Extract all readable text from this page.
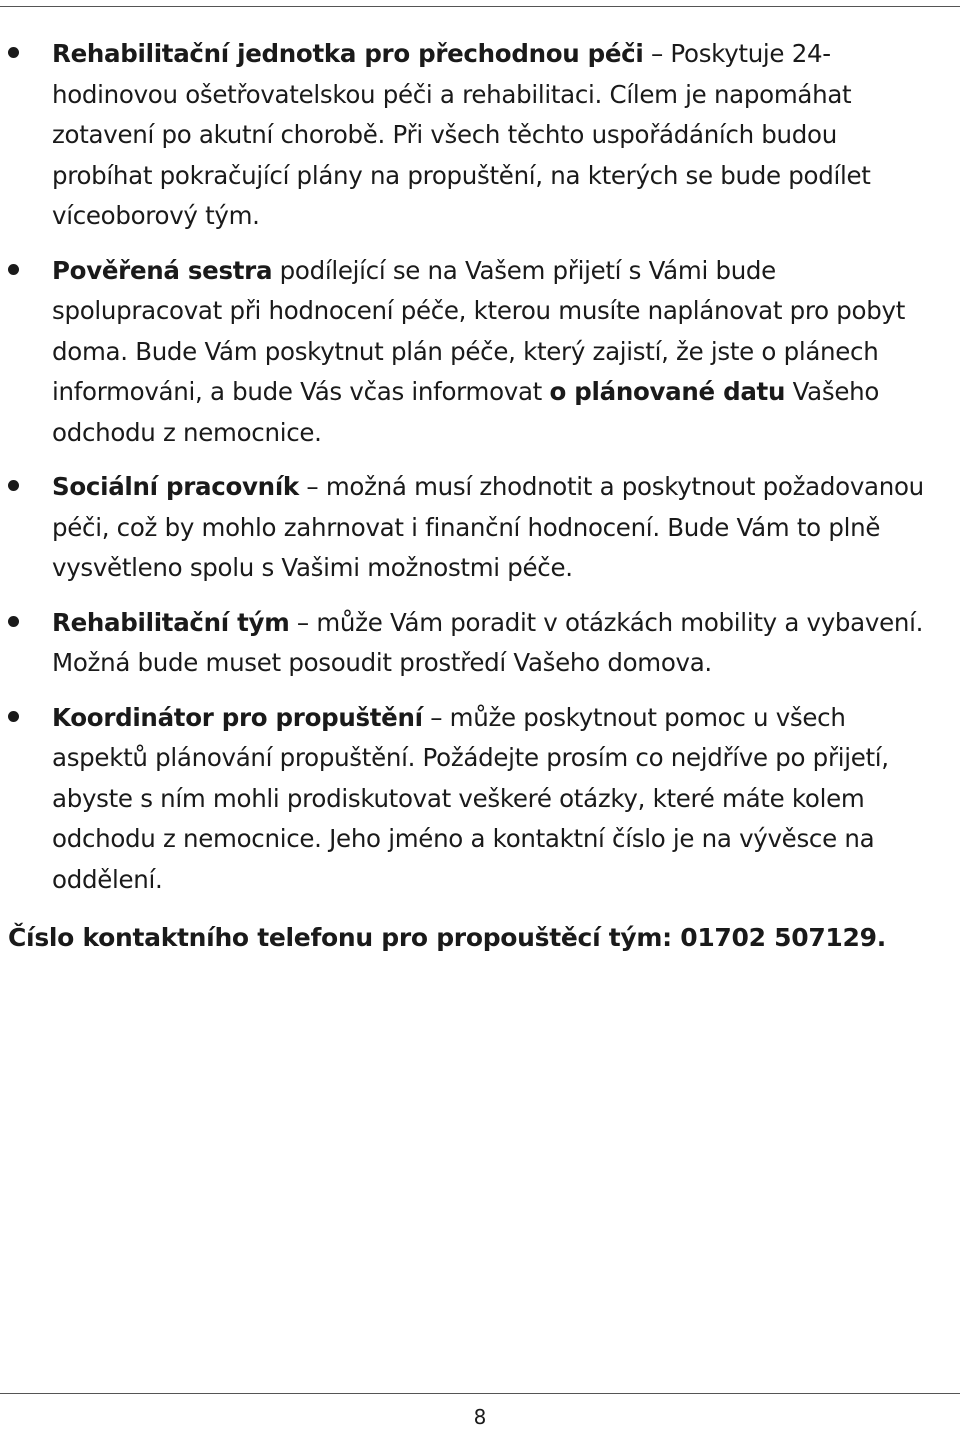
Rehabilitační jednotka pro přechodnou péči – Poskytuje 24-hodinovou ošetřovatelskou péči a rehabilitaci. Cílem je napomáhat zotavení po akutní chorobě. Při všech těchto uspořádáních budou probíhat pokračující plány na propuštění, na kterých se bude podílet víceoborový tým.
Pověřená sestra podílející se na Vašem přijetí s Vámi bude spolupracovat při hodnocení péče, kterou musíte naplánovat pro pobyt doma. Bude Vám poskytnut plán péče, který zajistí, že jste o plánech informováni, a bude Vás včas informovat o plánované datu Vašeho odchodu z nemocnice.
Sociální pracovník – možná musí zhodnotit a poskytnout požadovanou péči, což by mohlo zahrnovat i finanční hodnocení. Bude Vám to plně vysvětleno spolu s Vašimi možnostmi péče.
Rehabilitační tým – může Vám poradit v otázkách mobility a vybavení. Možná bude muset posoudit prostředí Vašeho domova.
Koordinátor pro propuštění – může poskytnout pomoc u všech aspektů plánování propuštění. Požádejte prosím co nejdříve po přijetí, abyste s ním mohli prodiskutovat veškeré otázky, které máte kolem odchodu z nemocnice. Jeho jméno a kontaktní číslo je na vývěsce na oddělení.

Číslo kontaktního telefonu pro propouštěcí tým: 01702 507129.

8
